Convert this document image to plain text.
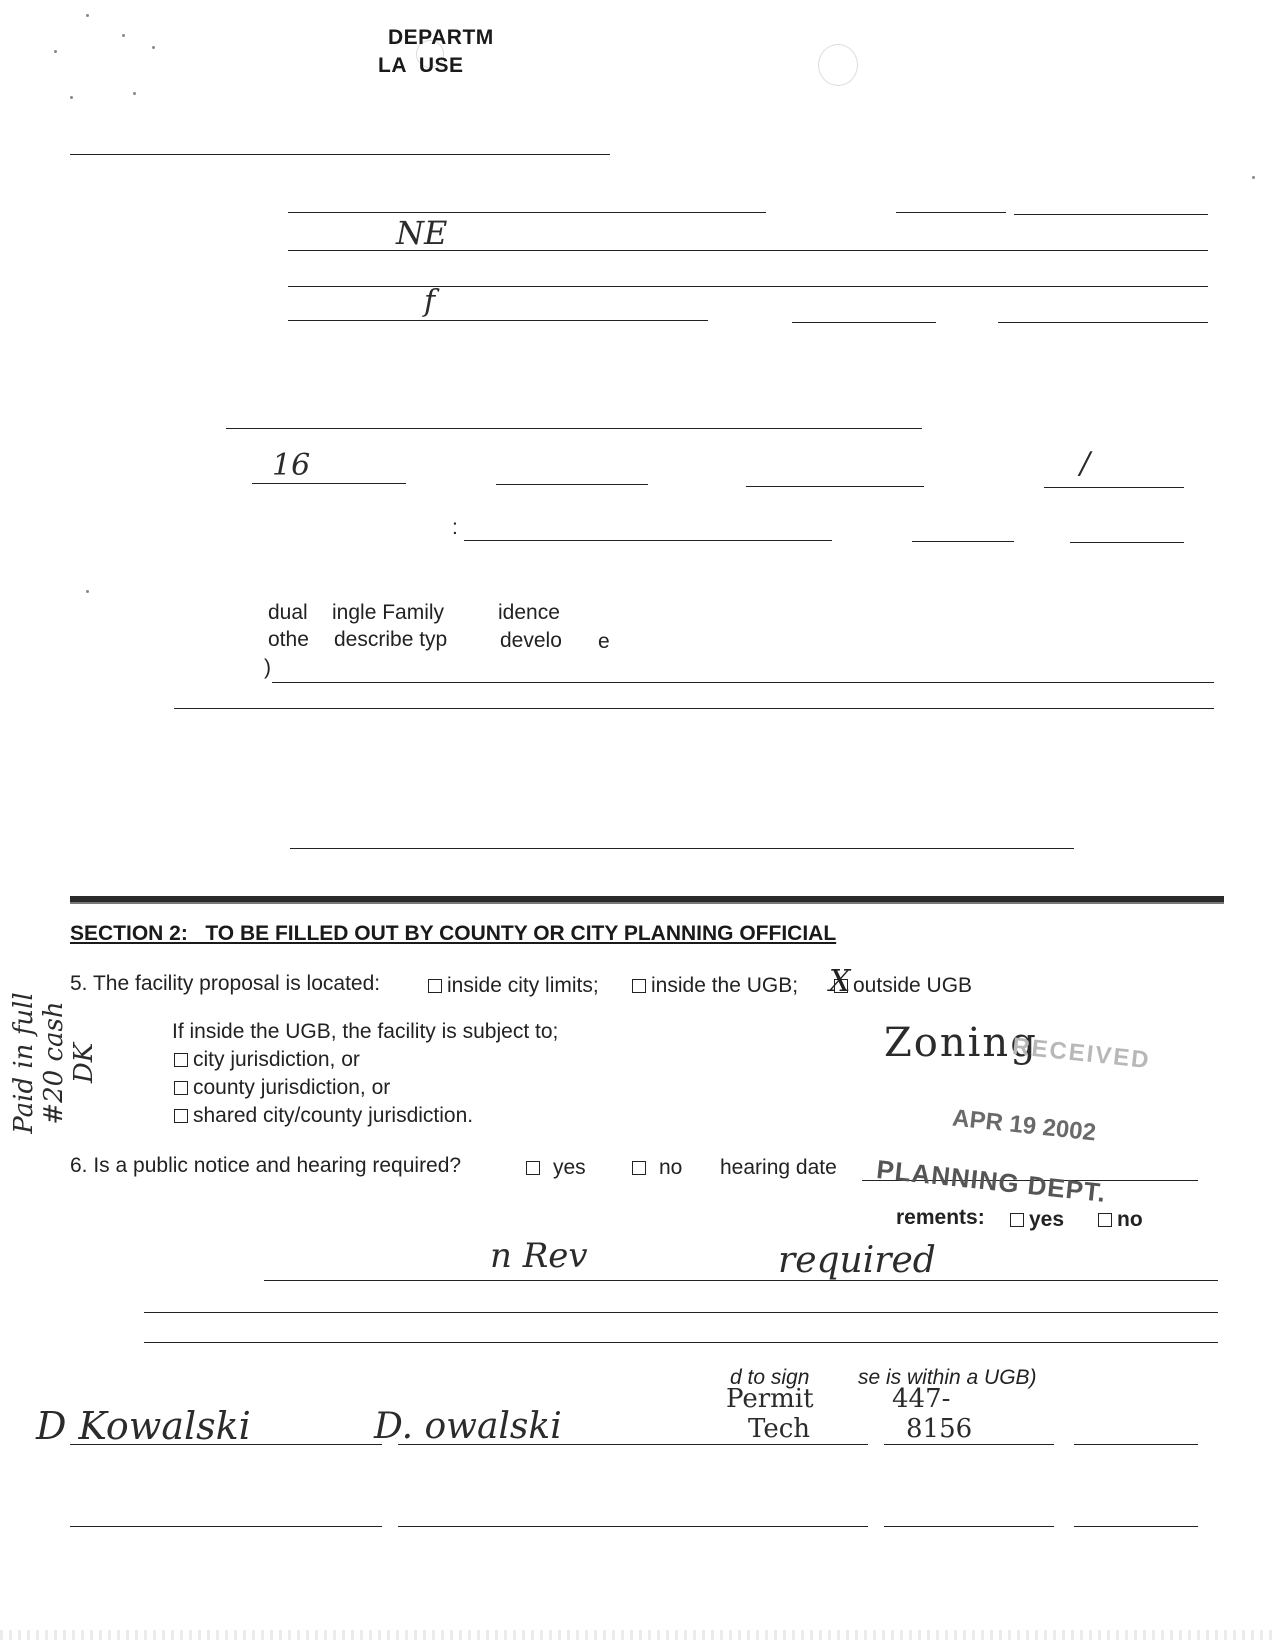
DEPARTM
LA  USE
NE
f
16	/
:
dual ingle Family	idence
othe describe typ	develo e
)
SECTION 2:   TO BE FILLED OUT BY COUNTY OR CITY PLANNING OFFICIAL
5. The facility proposal is located:	inside city limits;	inside the UGB;
X	outside UGB
If inside the UGB, the facility is subject to;
city jurisdiction, or
county jurisdiction, or
shared city/county jurisdiction.
6. Is a public notice and hearing required?	yes	no hearing date
rements:	yes	no
n Rev	required
d to sign se is within a UGB)
D Kowalski	D. owalski
Permit
Tech
447-
8156
Paid in full #20 cash DK	Zoning
RECEIVED
APR 19 2002
PLANNING DEPT.
